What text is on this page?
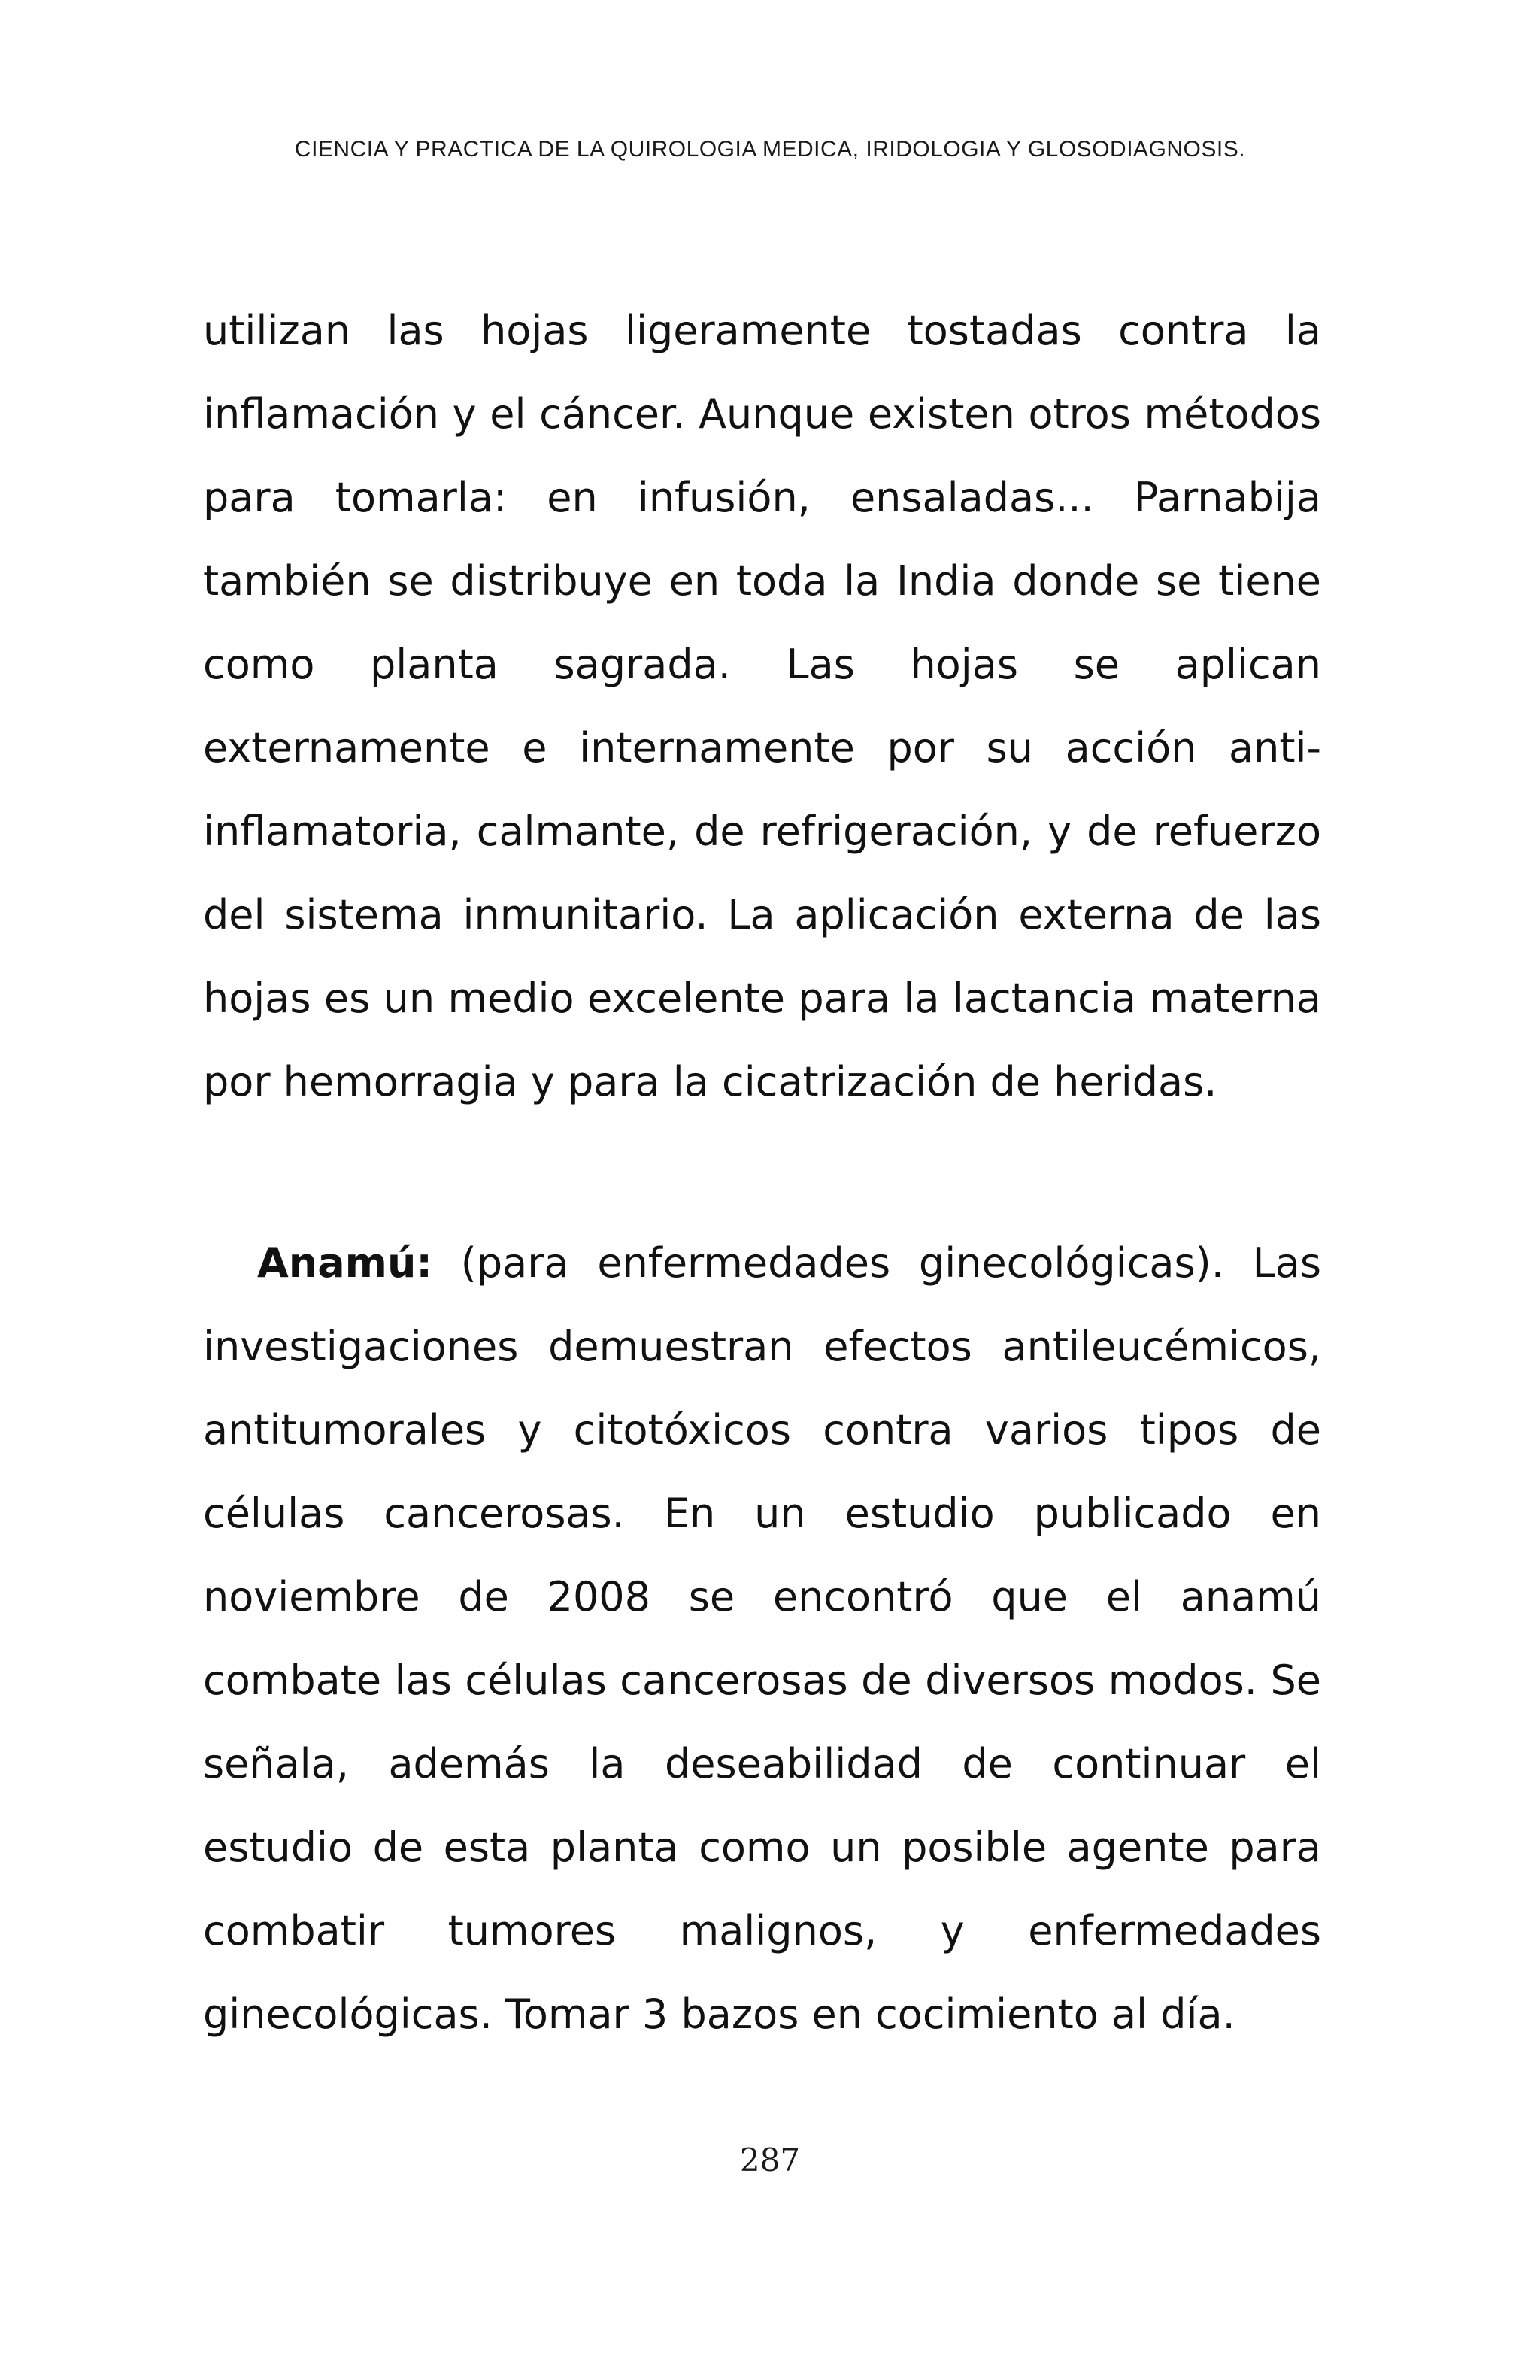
CIENCIA Y PRACTICA DE LA QUIROLOGIA MEDICA, IRIDOLOGIA Y GLOSODIAGNOSIS.
utilizan las hojas ligeramente tostadas contra la inflamación y el cáncer. Aunque existen otros métodos para tomarla: en infusión, ensaladas... Parnabija también se distribuye en toda la India donde se tiene como planta sagrada. Las hojas se aplican externamente e internamente por su acción anti-inflamatoria, calmante, de refrigeración, y de refuerzo del sistema inmunitario. La aplicación externa de las hojas es un medio excelente para la lactancia materna por hemorragia y para la cicatrización de heridas.
Anamú: (para enfermedades ginecológicas). Las investigaciones demuestran efectos antileucémicos, antitumorales y citotóxicos contra varios tipos de células cancerosas. En un estudio publicado en noviembre de 2008 se encontró que el anamú combate las células cancerosas de diversos modos. Se señala, además la deseabilidad de continuar el estudio de esta planta como un posible agente para combatir tumores malignos, y enfermedades ginecológicas. Tomar 3 bazos en cocimiento al día.
287
